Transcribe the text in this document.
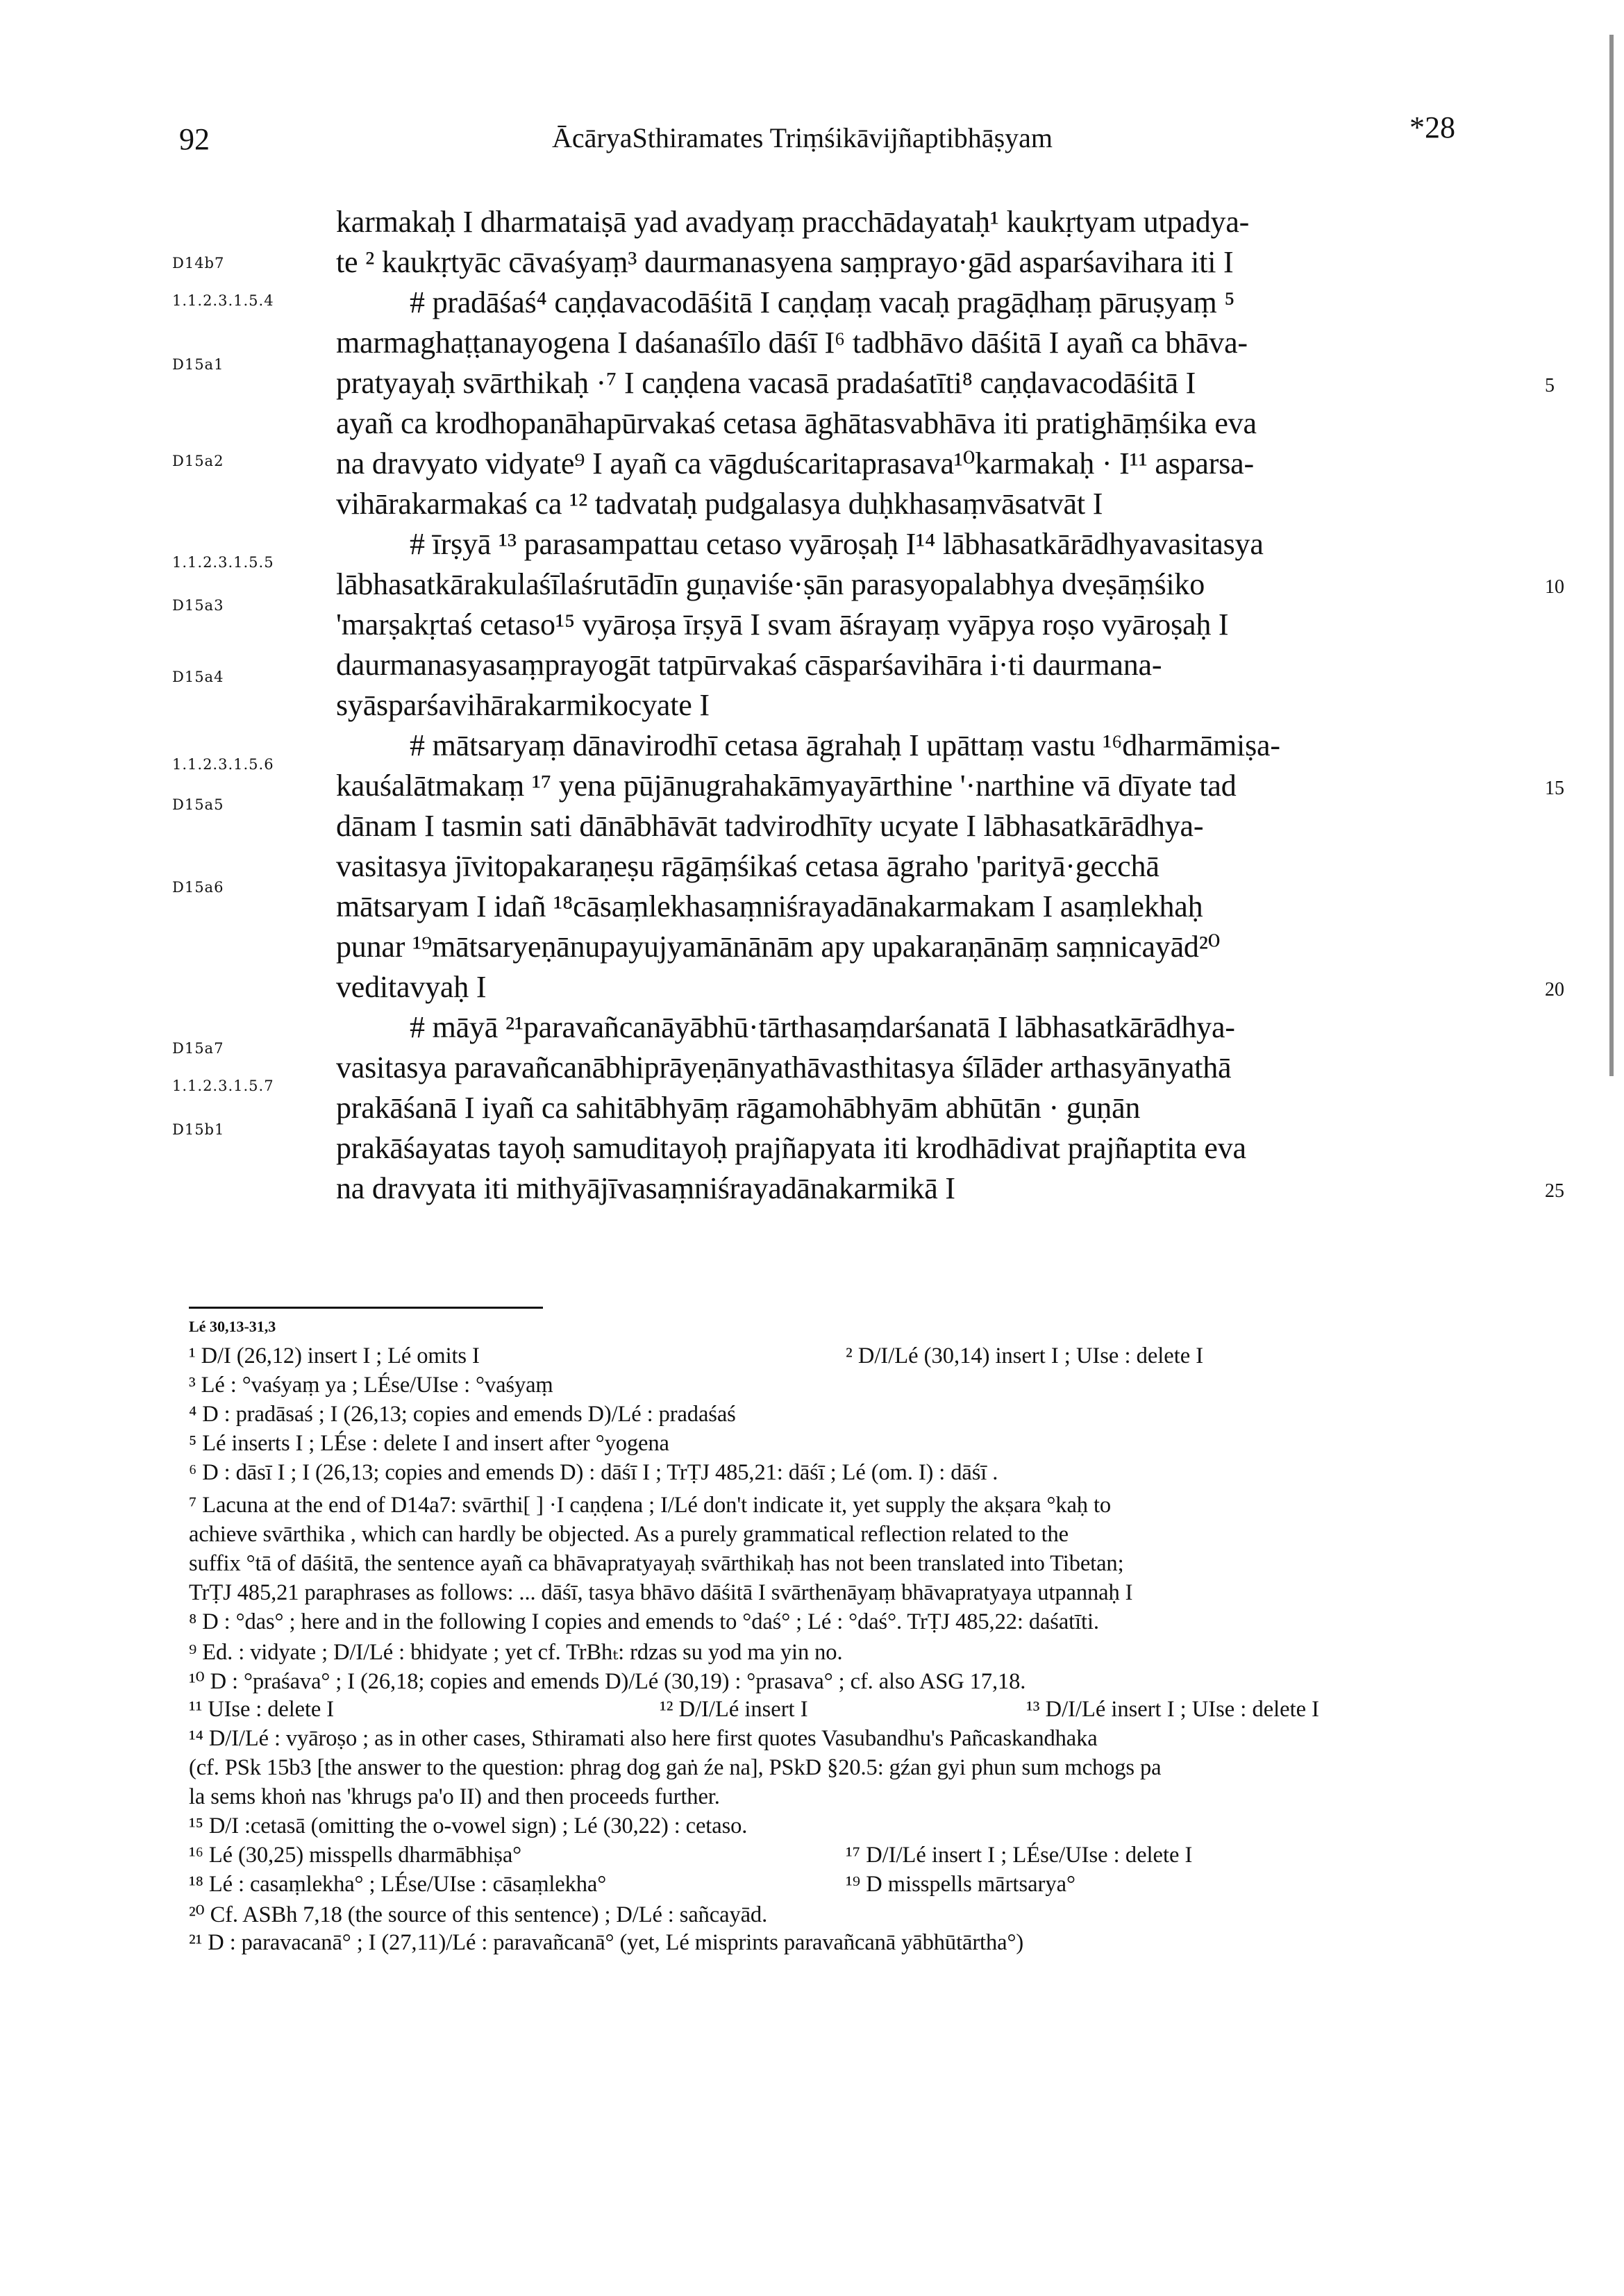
92	ĀcāryaSthiramates Triṃśikāvijñaptibhāṣyam	*28
D14b7
1.1.2.3.1.5.4
D15a1
D15a2
1.1.2.3.1.5.5
D15a3
D15a4
1.1.2.3.1.5.6
D15a5
D15a6
D15a7
1.1.2.3.1.5.7
D15b1
karmakaḥ I dharmataiṣā yad avadyaṃ pracchādayataḥ¹ kaukṛtyam utpadya-
te ² kaukṛtyāc cāvaśyaṃ³ daurmanasyena saṃprayo·gād asparśavihara iti I
# pradāśaś⁴ caṇḍavacodāśitā I caṇḍaṃ vacaḥ pragāḍhaṃ pāruṣyaṃ ⁵
marmaghaṭṭanayogena I daśanaśīlo dāśī I⁶ tadbhāvo dāśitā I ayañ ca bhāva-
pratyayaḥ svārthikaḥ ·⁷ I caṇḍena vacasā pradaśatīti⁸ caṇḍavacodāśitā I
ayañ ca krodhopanāhapūrvakaś cetasa āghātasvabhāva iti pratighāṃśika eva
na dravyato vidyate⁹ I ayañ ca vāgduścaritaprasava¹⁰karmakaḥ · I¹¹ asparsa-
vihārakarmakaś ca ¹² tadvataḥ pudgalasya duḥkhasaṃvāsatvāt I
# īrṣyā ¹³ parasampattau cetaso vyāroṣaḥ I¹⁴ lābhasatkārādhyavasitasya
lābhasatkārakulaśīlaśrutādīn guṇaviśe·ṣān parasyopalabhya dveṣāṃśiko
'marṣakṛtaś cetaso¹⁵ vyāroṣa īrṣyā I svam āśrayaṃ vyāpya roṣo vyāroṣaḥ I
daurmanasyasaṃprayogāt tatpūrvakaś cāsparśavihāra i·ti daurmana-
syāsparśavihārakarmikocyate I
# mātsaryaṃ dānavirodhī cetasa āgrahaḥ I upāttaṃ vastu ¹⁶dharmāmiṣa-
kauśalātmakaṃ ¹⁷ yena pūjānugrahakāmyayārthine '·narthine vā dīyate tad
dānam I tasmin sati dānābhāvāt tadvirodhīty ucyate I lābhasatkārādhya-
vasitasya jīvitopakaraṇeṣu rāgāṃśikaś cetasa āgraho 'parityā·gecchā
mātsaryam I idañ ¹⁸cāsaṃlekhasaṃniśrayadānakarmakam I asaṃlekhaḥ
punar ¹⁹mātsaryeṇānupayujyamānānām apy upakaraṇānāṃ saṃnicayād²⁰
veditavyaḥ I
# māyā ²¹paravañcanāyābhū·tārthasaṃdarśanatā I lābhasatkārādhya-
vasitasya paravañcanābhiprāyeṇānyathāvasthitasya śīlāder arthasyānyathā
prakāśanā I iyañ ca sahitābhyāṃ rāgamohābhyām abhūtān · guṇān
prakāśayatas tayoḥ samuditayoḥ prajñapyata iti krodhādivat prajñaptita eva
na dravyata iti mithyājīvasaṃniśrayadānakarmikā I
5
10
15
20
25
Lé 30,13-31,3
¹ D/I (26,12) insert I ; Lé omits I	² D/I/Lé (30,14) insert I ; UIse : delete I
³ Lé : °vaśyaṃ ya ; LÉse/UIse : °vaśyaṃ
⁴ D : pradāsaś ; I (26,13; copies and emends D)/Lé : pradaśaś
⁵ Lé inserts I ; LÉse : delete I and insert after °yogena
⁶ D : dāsī I ; I (26,13; copies and emends D) : dāśī I ; TrṬJ 485,21: dāśī ; Lé (om. I) : dāśī .
⁷ Lacuna at the end of D14a7: svārthi[ ] ·I caṇḍena ; I/Lé don't indicate it, yet supply the akṣara °kaḥ to
achieve svārthika , which can hardly be objected. As a purely grammatical reflection related to the
suffix °tā of dāśitā, the sentence ayañ ca bhāvapratyayaḥ svārthikaḥ has not been translated into Tibetan;
TrṬJ 485,21 paraphrases as follows: ... dāśī, tasya bhāvo dāśitā I svārthenāyaṃ bhāvapratyaya utpannaḥ I
⁸ D : °das° ; here and in the following I copies and emends to °daś° ; Lé : °daś°. TrṬJ 485,22: daśatīti.
⁹ Ed. : vidyate ; D/I/Lé : bhidyate ; yet cf. TrBhₜ: rdzas su yod ma yin no.
¹⁰ D : °praśava° ; I (26,18; copies and emends D)/Lé (30,19) : °prasava° ; cf. also ASG 17,18.
¹¹ UIse : delete I	¹² D/I/Lé insert I	¹³ D/I/Lé insert I ; UIse : delete I
¹⁴ D/I/Lé : vyāroṣo ; as in other cases, Sthiramati also here first quotes Vasubandhu's Pañcaskandhaka
(cf. PSk 15b3 [the answer to the question: phrag dog gaṅ źe na], PSkD §20.5: gźan gyi phun sum mchogs pa
la sems khoṅ nas 'khrugs pa'o II) and then proceeds further.
¹⁵ D/I :cetasā (omitting the o-vowel sign) ; Lé (30,22) : cetaso.
¹⁶ Lé (30,25) misspells dharmābhiṣa°	¹⁷ D/I/Lé insert I ; LÉse/UIse : delete I
¹⁸ Lé : casaṃlekha° ; LÉse/UIse : cāsaṃlekha°	¹⁹ D misspells mārtsarya°
²⁰ Cf. ASBh 7,18 (the source of this sentence) ; D/Lé : sañcayād.
²¹ D : paravacanā° ; I (27,11)/Lé : paravañcanā° (yet, Lé misprints paravañcanā yābhūtārtha°)
